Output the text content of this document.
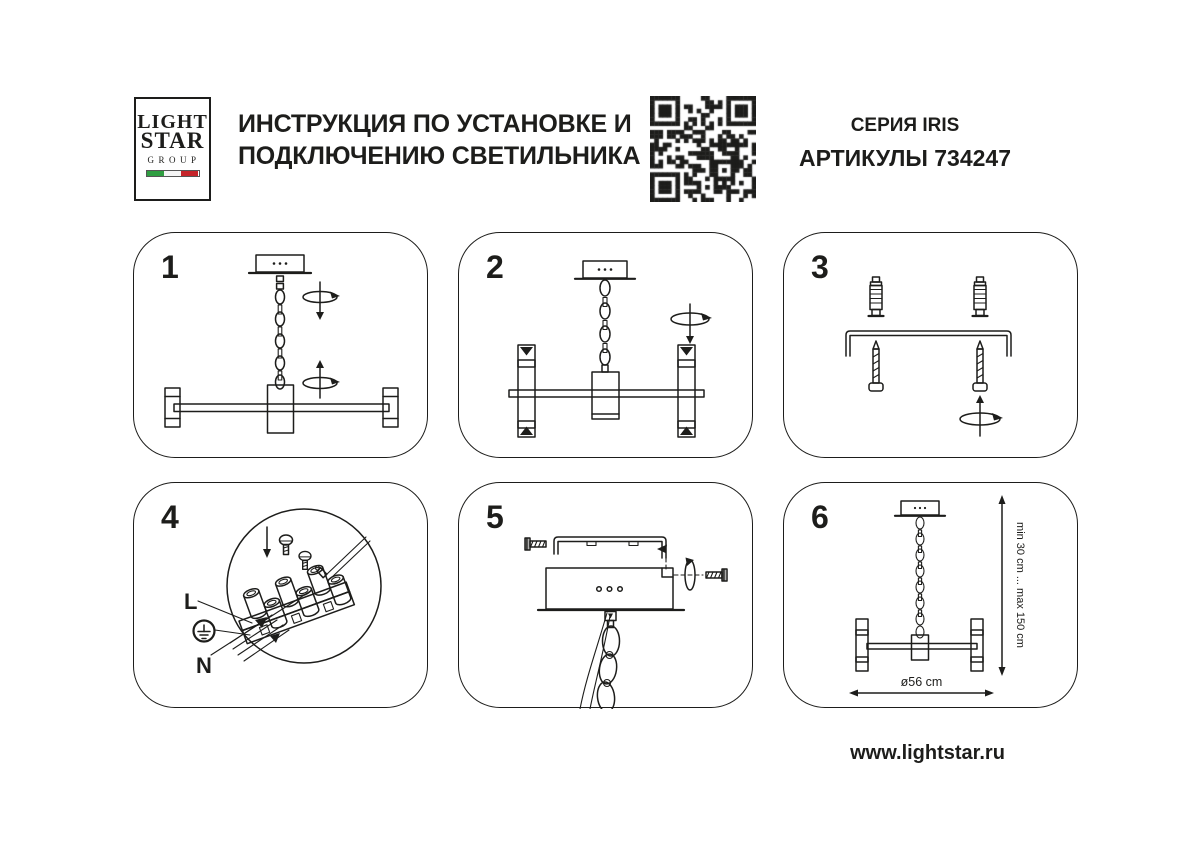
LIGHT
STAR
GROUP
ИНСТРУКЦИЯ ПО УСТАНОВКЕ И
ПОДКЛЮЧЕНИЮ СВЕТИЛЬНИКА
СЕРИЯ IRIS
АРТИКУЛЫ 734247
1	2	3
4
L
N
5	6
min 30 cm ... max 150 cm
ø56 cm
www.lightstar.ru
